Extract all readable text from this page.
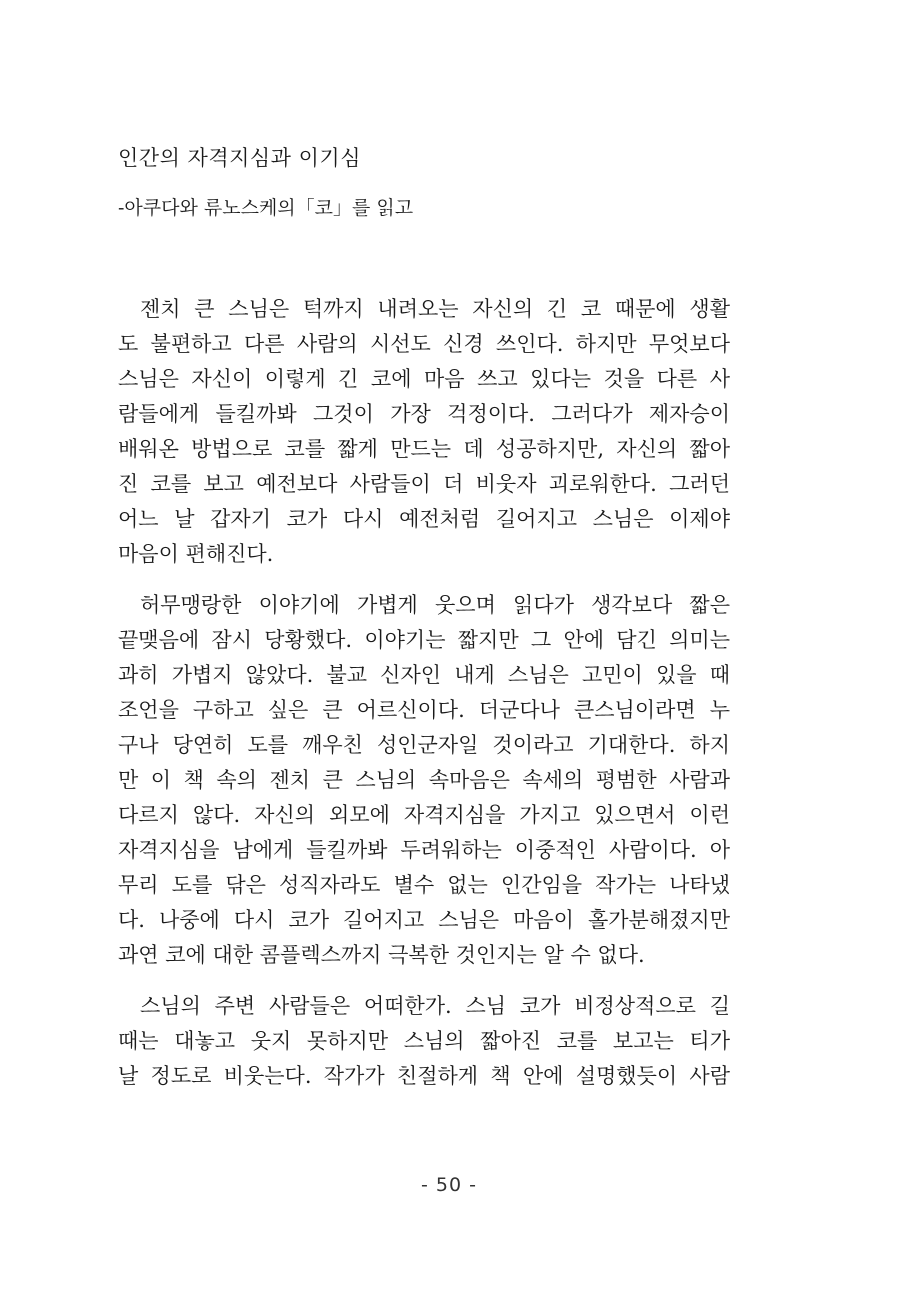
인간의 자격지심과 이기심
-아쿠다와 류노스케의「코」를 읽고
젠치 큰 스님은 턱까지 내려오는 자신의 긴 코 때문에 생활
도 불편하고 다른 사람의 시선도 신경 쓰인다. 하지만 무엇보다
스님은 자신이 이렇게 긴 코에 마음 쓰고 있다는 것을 다른 사
람들에게 들킬까봐 그것이 가장 걱정이다. 그러다가 제자승이
배워온 방법으로 코를 짧게 만드는 데 성공하지만, 자신의 짧아
진 코를 보고 예전보다 사람들이 더 비웃자 괴로워한다. 그러던
어느 날 갑자기 코가 다시 예전처럼 길어지고 스님은 이제야
마음이 편해진다.
허무맹랑한 이야기에 가볍게 웃으며 읽다가 생각보다 짧은
끝맺음에 잠시 당황했다. 이야기는 짧지만 그 안에 담긴 의미는
과히 가볍지 않았다. 불교 신자인 내게 스님은 고민이 있을 때
조언을 구하고 싶은 큰 어르신이다. 더군다나 큰스님이라면 누
구나 당연히 도를 깨우친 성인군자일 것이라고 기대한다. 하지
만 이 책 속의 젠치 큰 스님의 속마음은 속세의 평범한 사람과
다르지 않다. 자신의 외모에 자격지심을 가지고 있으면서 이런
자격지심을 남에게 들킬까봐 두려워하는 이중적인 사람이다. 아
무리 도를 닦은 성직자라도 별수 없는 인간임을 작가는 나타냈
다. 나중에 다시 코가 길어지고 스님은 마음이 홀가분해졌지만
과연 코에 대한 콤플렉스까지 극복한 것인지는 알 수 없다.
스님의 주변 사람들은 어떠한가. 스님 코가 비정상적으로 길
때는 대놓고 웃지 못하지만 스님의 짧아진 코를 보고는 티가
날 정도로 비웃는다. 작가가 친절하게 책 안에 설명했듯이 사람
- 50 -
